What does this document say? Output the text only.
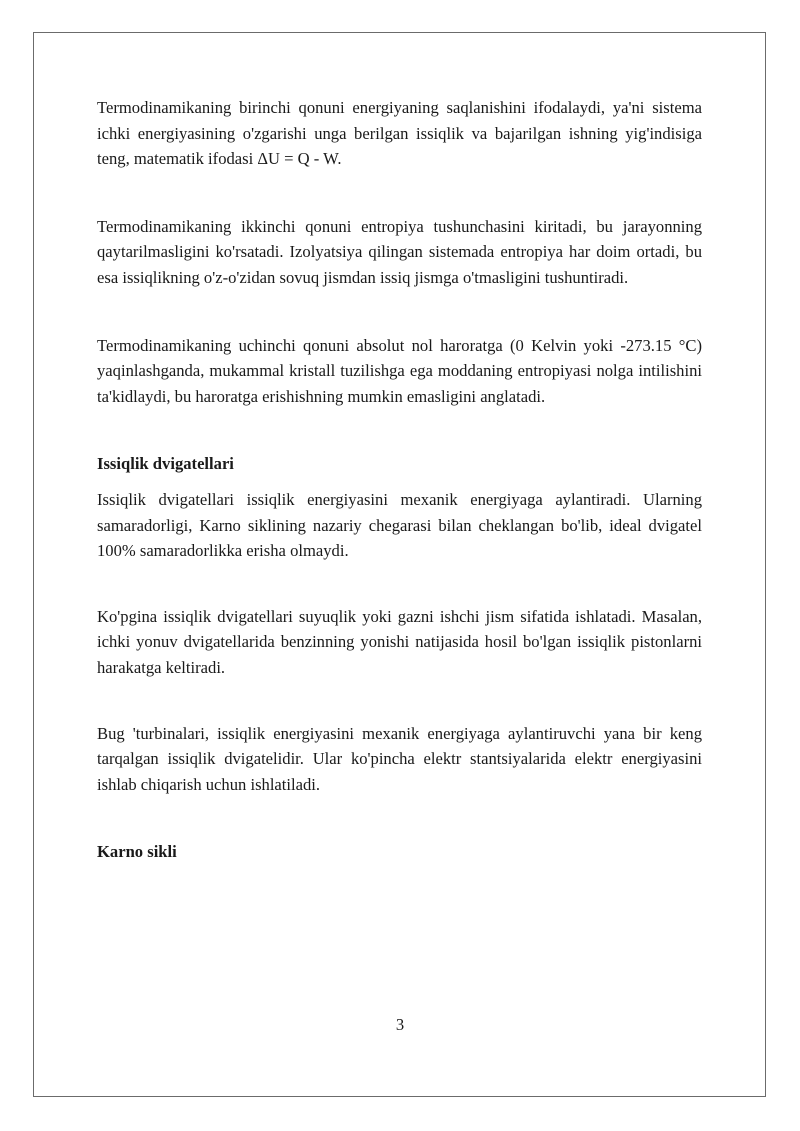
Termodinamikaning birinchi qonuni energiyaning saqlanishini ifodalaydi, ya'ni sistema ichki energiyasining o'zgarishi unga berilgan issiqlik va bajarilgan ishning yig'indisiga teng, matematik ifodasi ΔU = Q - W.

Termodinamikaning ikkinchi qonuni entropiya tushunchasini kiritadi, bu jarayonning qaytarilmasligini ko'rsatadi. Izolyatsiya qilingan sistemada entropiya har doim ortadi, bu esa issiqlikning o'z-o'zidan sovuq jismdan issiq jismga o'tmasligini tushuntiradi.

Termodinamikaning uchinchi qonuni absolut nol haroratga (0 Kelvin yoki -273.15 °C) yaqinlashganda, mukammal kristall tuzilishga ega moddaning entropiyasi nolga intilishini ta'kidlaydi, bu haroratga erishishning mumkin emasligini anglatadi.

Issiqlik dvigatellari

Issiqlik dvigatellari issiqlik energiyasini mexanik energiyaga aylantiradi. Ularning samaradorligi, Karno siklining nazariy chegarasi bilan cheklangan bo'lib, ideal dvigatel 100% samaradorlikka erisha olmaydi.

Ko'pgina issiqlik dvigatellari suyuqlik yoki gazni ishchi jism sifatida ishlatadi. Masalan, ichki yonuv dvigatellarida benzinning yonishi natijasida hosil bo'lgan issiqlik pistonlarni harakatga keltiradi.

Bug 'turbinalari, issiqlik energiyasini mexanik energiyaga aylantiruvchi yana bir keng tarqalgan issiqlik dvigatelidir. Ular ko'pincha elektr stantsiyalarida elektr energiyasini ishlab chiqarish uchun ishlatiladi.

Karno sikli
3
